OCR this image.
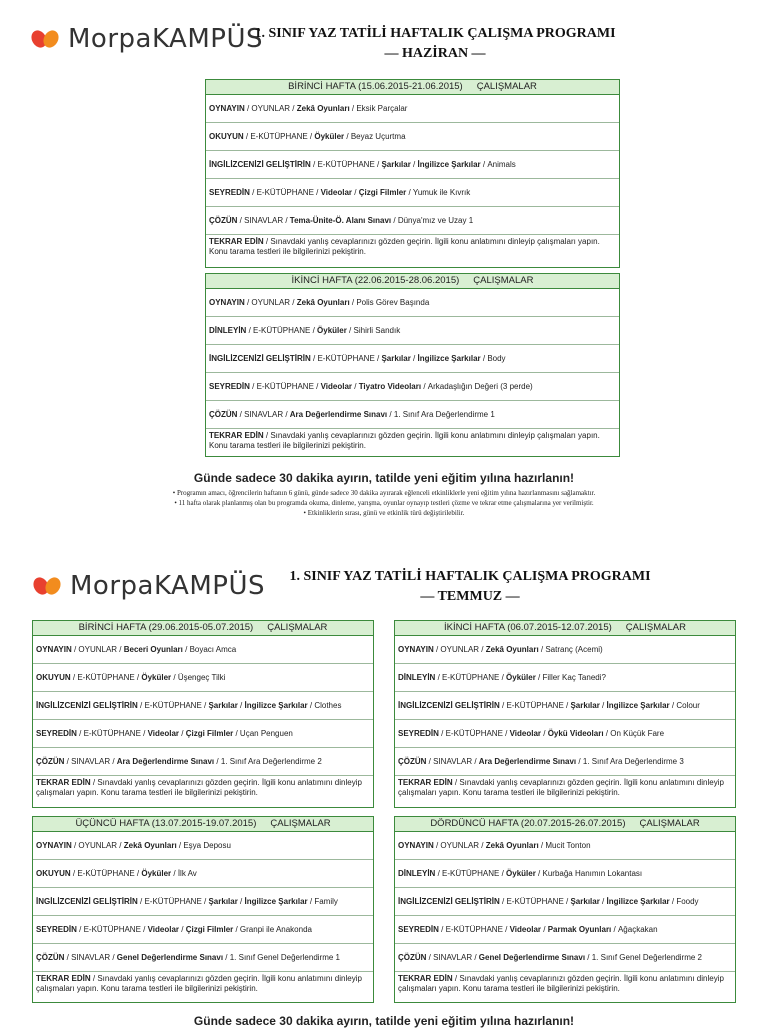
MorpaKAMPÜS
1. SINIF YAZ TATİLİ HAFTALIK ÇALIŞMA PROGRAMI
— HAZİRAN —
BİRİNCİ HAFTA (15.06.2015-21.06.2015) ÇALIŞMALAR
OYNAYIN / OYUNLAR / Zekâ Oyunları / Eksik Parçalar
OKUYUN / E-KÜTÜPHANE / Öyküler / Beyaz Uçurtma
İNGİLİZCENİZİ GELİŞTİRİN / E-KÜTÜPHANE / Şarkılar / İngilizce Şarkılar / Animals
SEYREDİN / E-KÜTÜPHANE / Videolar / Çizgi Filmler / Yumuk ile Kıvrık
ÇÖZÜN / SINAVLAR / Tema-Ünite-Ö. Alanı Sınavı / Dünya'mız ve Uzay 1
TEKRAR EDİN / Sınavdaki yanlış cevaplarınızı gözden geçirin. İlgili konu anlatımını dinleyip çalışmaları yapın. Konu tarama testleri ile bilgilerinizi pekiştirin.
İKİNCİ HAFTA (22.06.2015-28.06.2015) ÇALIŞMALAR
OYNAYIN / OYUNLAR / Zekâ Oyunları / Polis Görev Başında
DİNLEYİN / E-KÜTÜPHANE / Öyküler / Sihirli Sandık
İNGİLİZCENİZİ GELİŞTİRİN / E-KÜTÜPHANE / Şarkılar / İngilizce Şarkılar / Body
SEYREDİN / E-KÜTÜPHANE / Videolar / Tiyatro Videoları / Arkadaşlığın Değeri (3 perde)
ÇÖZÜN / SINAVLAR / Ara Değerlendirme Sınavı / 1. Sınıf Ara Değerlendirme 1
TEKRAR EDİN / Sınavdaki yanlış cevaplarınızı gözden geçirin. İlgili konu anlatımını dinleyip çalışmaları yapın. Konu tarama testleri ile bilgilerinizi pekiştirin.
Günde sadece 30 dakika ayırın, tatilde yeni eğitim yılına hazırlanın!
• Programın amacı, öğrencilerin haftanın 6 günü, günde sadece 30 dakika ayırarak eğlenceli etkinliklerle yeni eğitim yılına hazırlanmasını sağlamaktır.
• 11 hafta olarak planlanmış olan bu programda okuma, dinleme, yarışma, oyunlar oynayıp testleri çözme ve tekrar etme çalışmalarına yer verilmiştir.
• Etkinliklerin sırası, günü ve etkinlik türü değiştirilebilir.
MorpaKAMPÜS	1. SINIF YAZ TATİLİ HAFTALIK ÇALIŞMA PROGRAMI
— TEMMUZ —
BİRİNCİ HAFTA (29.06.2015-05.07.2015) ÇALIŞMALAR
OYNAYIN / OYUNLAR / Beceri Oyunları / Boyacı Amca
OKUYUN / E-KÜTÜPHANE / Öyküler / Üşengeç Tilki
İNGİLİZCENİZİ GELİŞTİRİN / E-KÜTÜPHANE / Şarkılar / İngilizce Şarkılar / Clothes
SEYREDİN / E-KÜTÜPHANE / Videolar / Çizgi Filmler / Uçan Penguen
ÇÖZÜN / SINAVLAR / Ara Değerlendirme Sınavı / 1. Sınıf Ara Değerlendirme 2
TEKRAR EDİN / Sınavdaki yanlış cevaplarınızı gözden geçirin. İlgili konu anlatımını dinleyip çalışmaları yapın. Konu tarama testleri ile bilgilerinizi pekiştirin.
İKİNCİ HAFTA (06.07.2015-12.07.2015) ÇALIŞMALAR
OYNAYIN / OYUNLAR / Zekâ Oyunları / Satranç (Acemi)
DİNLEYİN / E-KÜTÜPHANE / Öyküler / Filler Kaç Tanedi?
İNGİLİZCENİZİ GELİŞTİRİN / E-KÜTÜPHANE / Şarkılar / İngilizce Şarkılar / Colour
SEYREDİN / E-KÜTÜPHANE / Videolar / Öykü Videoları / On Küçük Fare
ÇÖZÜN / SINAVLAR / Ara Değerlendirme Sınavı / 1. Sınıf Ara Değerlendirme 3
TEKRAR EDİN / Sınavdaki yanlış cevaplarınızı gözden geçirin. İlgili konu anlatımını dinleyip çalışmaları yapın. Konu tarama testleri ile bilgilerinizi pekiştirin.
ÜÇÜNCÜ HAFTA (13.07.2015-19.07.2015) ÇALIŞMALAR
OYNAYIN / OYUNLAR / Zekâ Oyunları / Eşya Deposu
OKUYUN / E-KÜTÜPHANE / Öyküler / İlk Av
İNGİLİZCENİZİ GELİŞTİRİN / E-KÜTÜPHANE / Şarkılar / İngilizce Şarkılar / Family
SEYREDİN / E-KÜTÜPHANE / Videolar / Çizgi Filmler / Granpi ile Anakonda
ÇÖZÜN / SINAVLAR / Genel Değerlendirme Sınavı / 1. Sınıf Genel Değerlendirme 1
TEKRAR EDİN / Sınavdaki yanlış cevaplarınızı gözden geçirin. İlgili konu anlatımını dinleyip çalışmaları yapın. Konu tarama testleri ile bilgilerinizi pekiştirin.
DÖRDÜNCÜ HAFTA (20.07.2015-26.07.2015) ÇALIŞMALAR
OYNAYIN / OYUNLAR / Zekâ Oyunları / Mucit Tonton
DİNLEYİN / E-KÜTÜPHANE / Öyküler / Kurbağa Hanımın Lokantası
İNGİLİZCENİZİ GELİŞTİRİN / E-KÜTÜPHANE / Şarkılar / İngilizce Şarkılar / Foody
SEYREDİN / E-KÜTÜPHANE / Videolar / Parmak Oyunları / Ağaçkakan
ÇÖZÜN / SINAVLAR / Genel Değerlendirme Sınavı / 1. Sınıf Genel Değerlendirme 2
TEKRAR EDİN / Sınavdaki yanlış cevaplarınızı gözden geçirin. İlgili konu anlatımını dinleyip çalışmaları yapın. Konu tarama testleri ile bilgilerinizi pekiştirin.
Günde sadece 30 dakika ayırın, tatilde yeni eğitim yılına hazırlanın!
